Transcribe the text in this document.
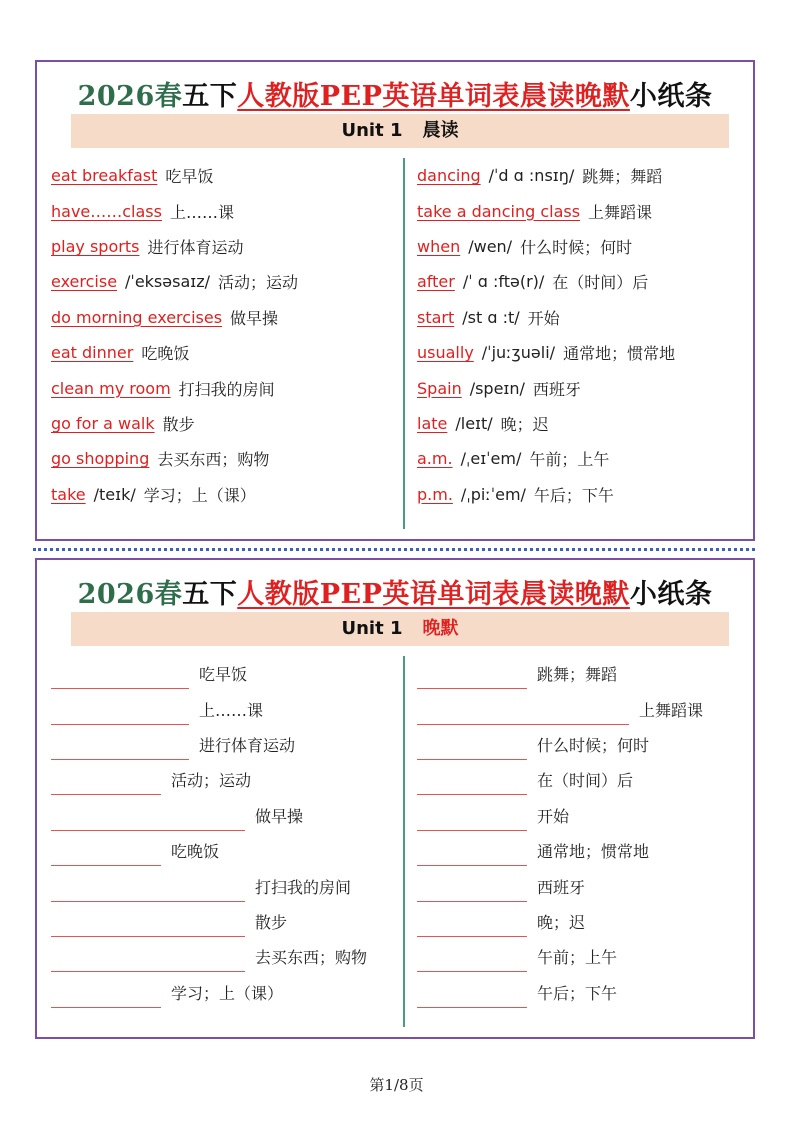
2026春五下人教版PEP英语单词表晨读晚默小纸条
Unit 1 晨读
eat breakfast 吃早饭
have……class 上……课
play sports 进行体育运动
exercise /ˈeksəsaɪz/ 活动；运动
do morning exercises 做早操
eat dinner 吃晚饭
clean my room 打扫我的房间
go for a walk 散步
go shopping 去买东西；购物
take /teɪk/ 学习；上（课）
dancing /ˈd ɑ :nsɪŋ/ 跳舞；舞蹈
take a dancing class 上舞蹈课
when /wen/ 什么时候；何时
after /ˈ ɑ :ftə(r)/ 在（时间）后
start /st ɑ :t/ 开始
usually /ˈjuːʒuəli/ 通常地；惯常地
Spain /speɪn/ 西班牙
late /leɪt/ 晚；迟
a.m. /ˌeɪˈem/ 午前；上午
p.m. /ˌpiːˈem/ 午后；下午
2026春五下人教版PEP英语单词表晨读晚默小纸条
Unit 1 晚默
吃早饭
上……课
进行体育运动
活动；运动
做早操
吃晚饭
打扫我的房间
散步
去买东西；购物
学习；上（课）
跳舞；舞蹈
上舞蹈课
什么时候；何时
在（时间）后
开始
通常地；惯常地
西班牙
晚；迟
午前；上午
午后；下午
第1/8页
